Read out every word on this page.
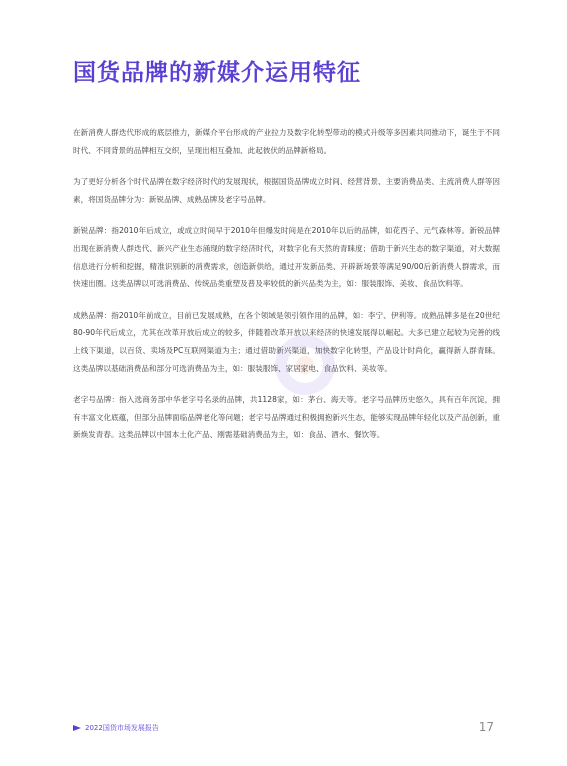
国货品牌的新媒介运用特征

在新消费人群迭代形成的底层推力，新媒介平台形成的产业拉力及数字化转型带动的模式升级等多因素共同推动下，诞生于不同时代、不同背景的品牌相互交织，呈现出相互叠加、此起彼伏的品牌新格局。

为了更好分析各个时代品牌在数字经济时代的发展现状，根据国货品牌成立时间、经营背景、主要消费品类、主流消费人群等因素，将国货品牌分为：新锐品牌、成熟品牌及老字号品牌。

新锐品牌：指2010年后成立，或成立时间早于2010年但爆发时间是在2010年以后的品牌，如花西子、元气森林等。新锐品牌出现在新消费人群迭代、新兴产业生态涌现的数字经济时代，对数字化有天然的青睐度；借助于新兴生态的数字渠道，对大数据信息进行分析和挖掘，精准识别新的消费需求，创造新供给，通过开发新品类、开辟新场景等满足90/00后新消费人群需求，而快速出圈。这类品牌以可选消费品、传统品类重塑及普及率较低的新兴品类为主，如：服装服饰、美妆、食品饮料等。

成熟品牌：指2010年前成立，目前已发展成熟，在各个领域是领引领作用的品牌，如：李宁、伊利等。成熟品牌多是在20世纪80-90年代后成立，尤其在改革开放后成立的较多，伴随着改革开放以来经济的快速发展得以崛起。大多已建立起较为完善的线上线下渠道，以百货、卖场及PC互联网渠道为主；通过借助新兴渠道，加快数字化转型，产品设计时尚化，赢得新人群青睐。这类品牌以基础消费品和部分可选消费品为主，如：服装服饰、家居家电、食品饮料、美妆等。

老字号品牌：指入选商务部中华老字号名录的品牌，共1128家，如：茅台、海天等。老字号品牌历史悠久，具有百年沉淀，拥有丰富文化底蕴，但部分品牌面临品牌老化等问题；老字号品牌通过积极拥抱新兴生态，能够实现品牌年轻化以及产品创新，重新焕发青春。这类品牌以中国本土化产品、刚需基础消费品为主，如：食品、酒水、餐饮等。

2022国货市场发展报告	17
